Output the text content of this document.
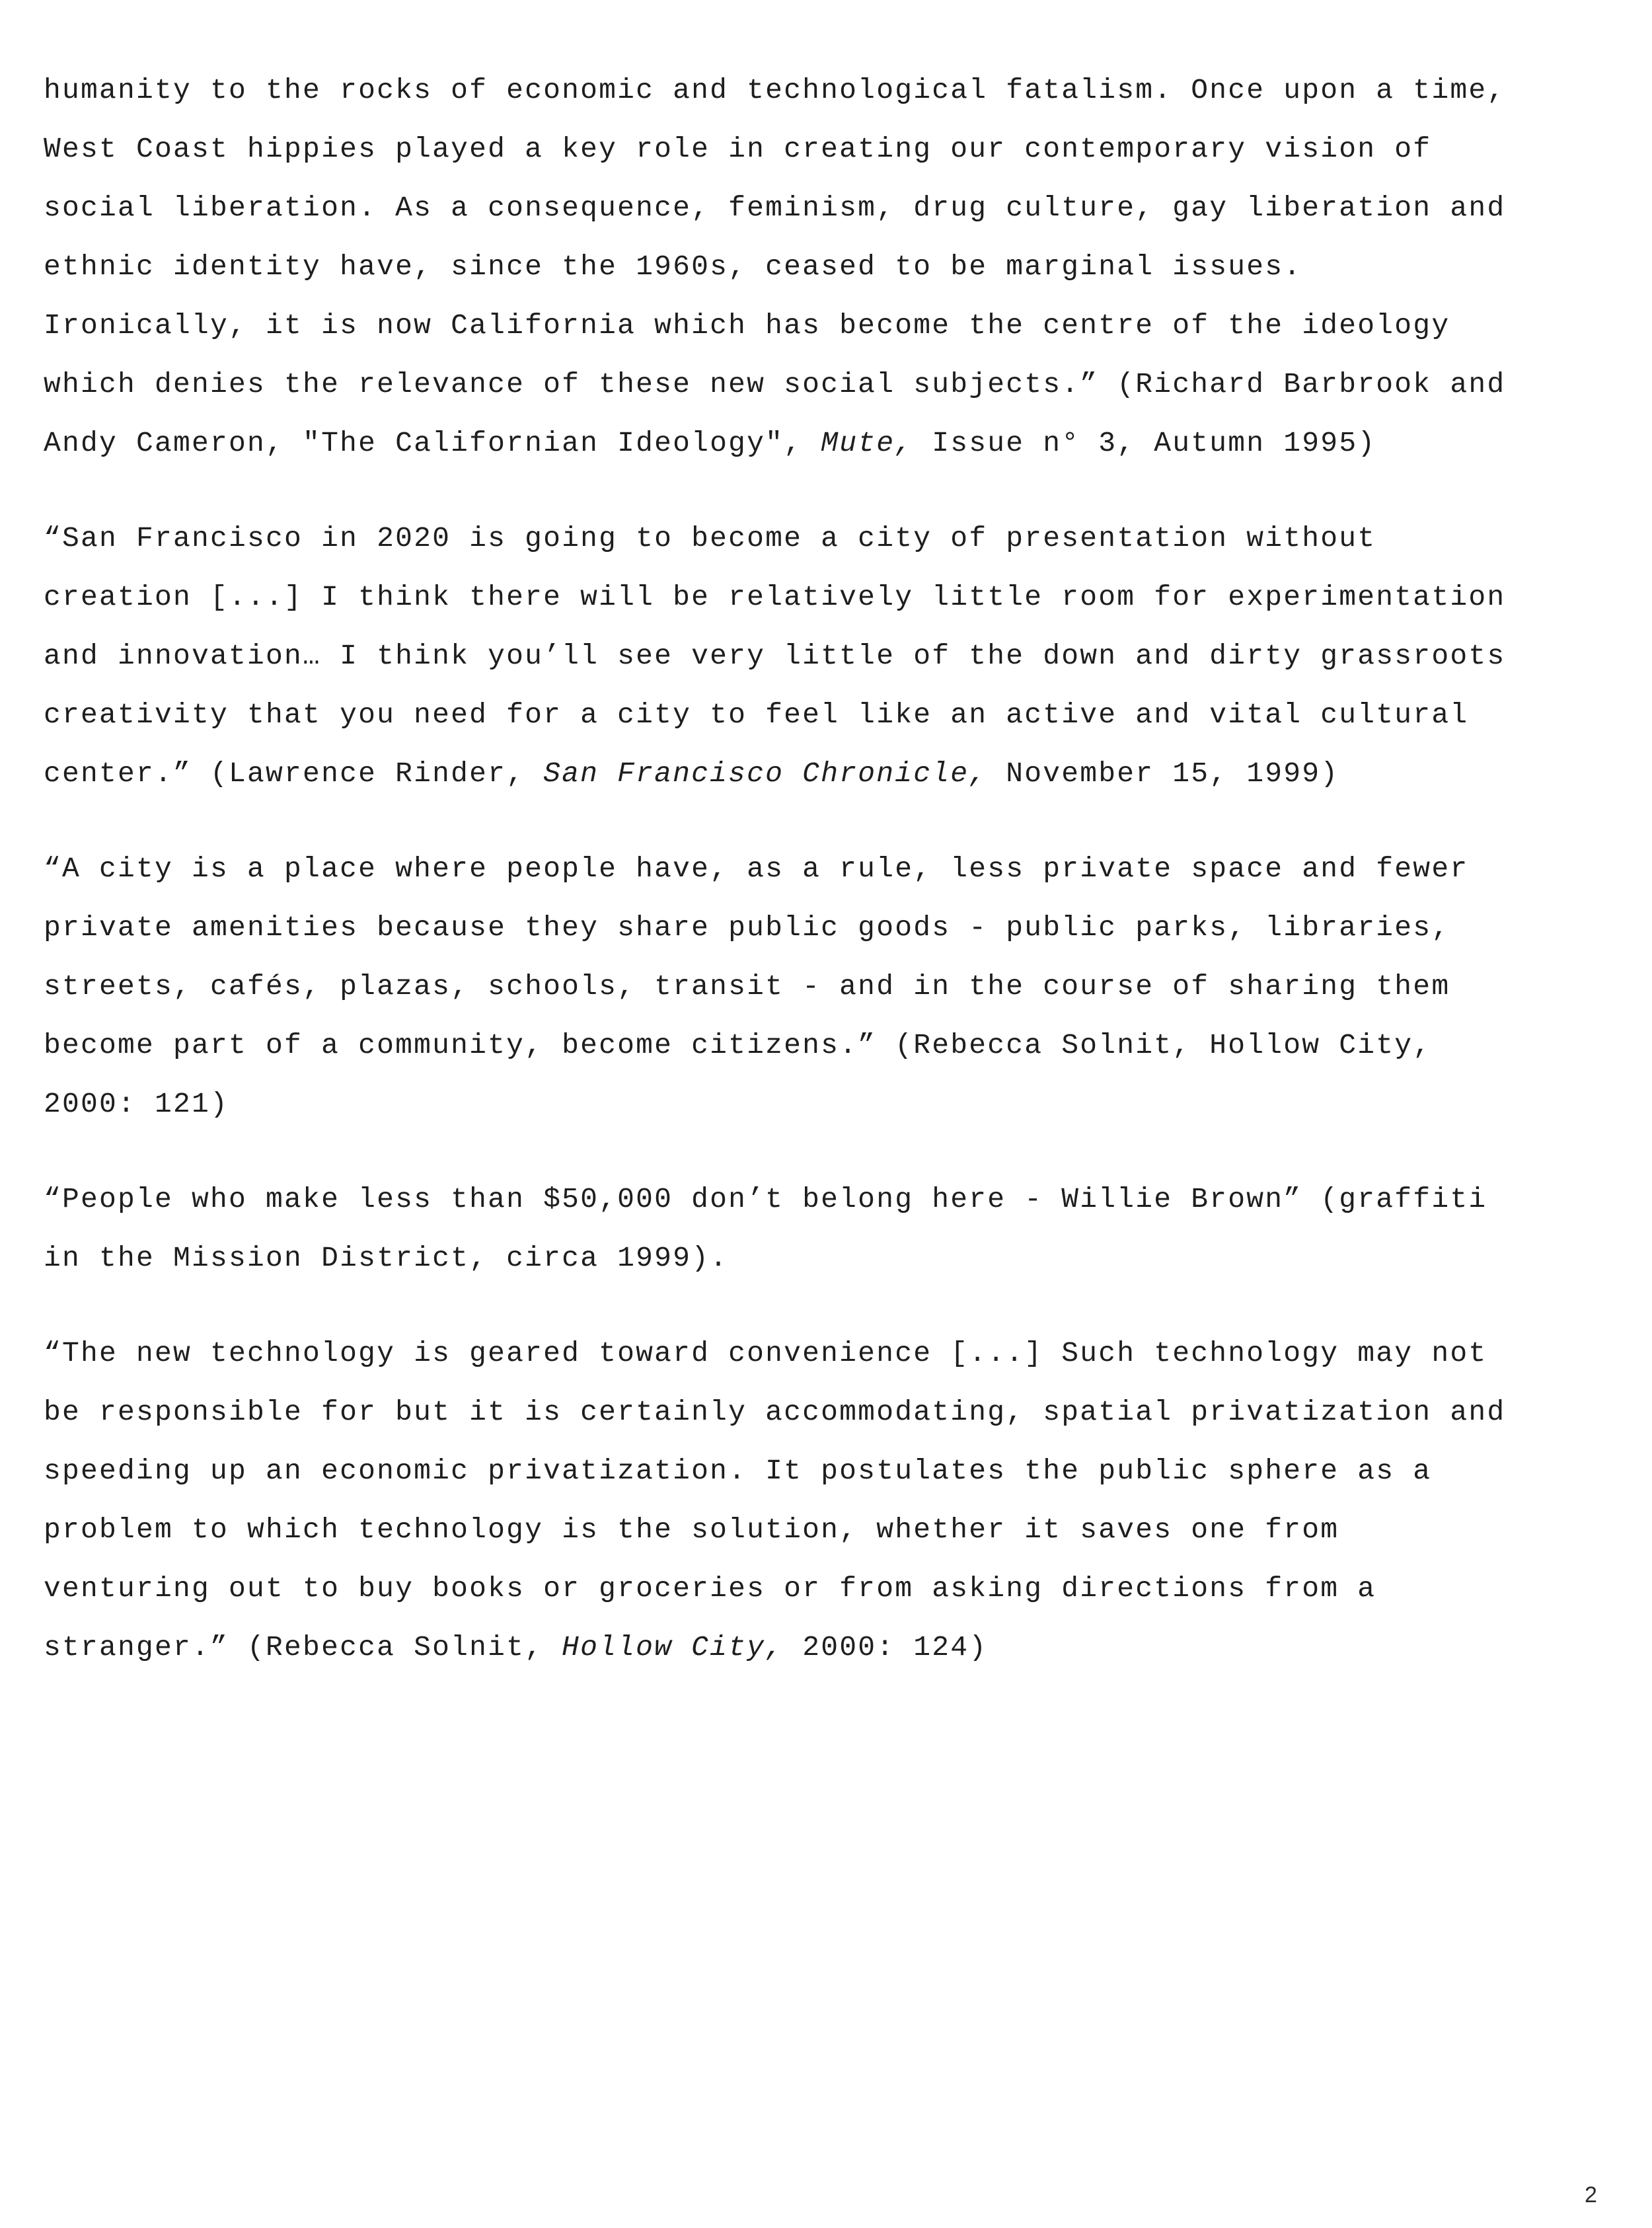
humanity to the rocks of economic and technological fatalism. Once upon a time,
West Coast hippies played a key role in creating our contemporary vision of
social liberation. As a consequence, feminism, drug culture, gay liberation and
ethnic identity have, since the 1960s, ceased to be marginal issues.
Ironically, it is now California which has become the centre of the ideology
which denies the relevance of these new social subjects.” (Richard Barbrook and
Andy Cameron, "The Californian Ideology", Mute, Issue n° 3, Autumn 1995)
“San Francisco in 2020 is going to become a city of presentation without
creation [...] I think there will be relatively little room for experimentation
and innovation… I think you’ll see very little of the down and dirty grassroots
creativity that you need for a city to feel like an active and vital cultural
center.” (Lawrence Rinder, San Francisco Chronicle, November 15, 1999)
“A city is a place where people have, as a rule, less private space and fewer
private amenities because they share public goods - public parks, libraries,
streets, cafés, plazas, schools, transit - and in the course of sharing them
become part of a community, become citizens.” (Rebecca Solnit, Hollow City,
2000: 121)
“People who make less than $50,000 don’t belong here - Willie Brown” (graffiti
in the Mission District, circa 1999).
“The new technology is geared toward convenience [...] Such technology may not
be responsible for but it is certainly accommodating, spatial privatization and
speeding up an economic privatization. It postulates the public sphere as a
problem to which technology is the solution, whether it saves one from
venturing out to buy books or groceries or from asking directions from a
stranger.” (Rebecca Solnit, Hollow City, 2000: 124)
2
